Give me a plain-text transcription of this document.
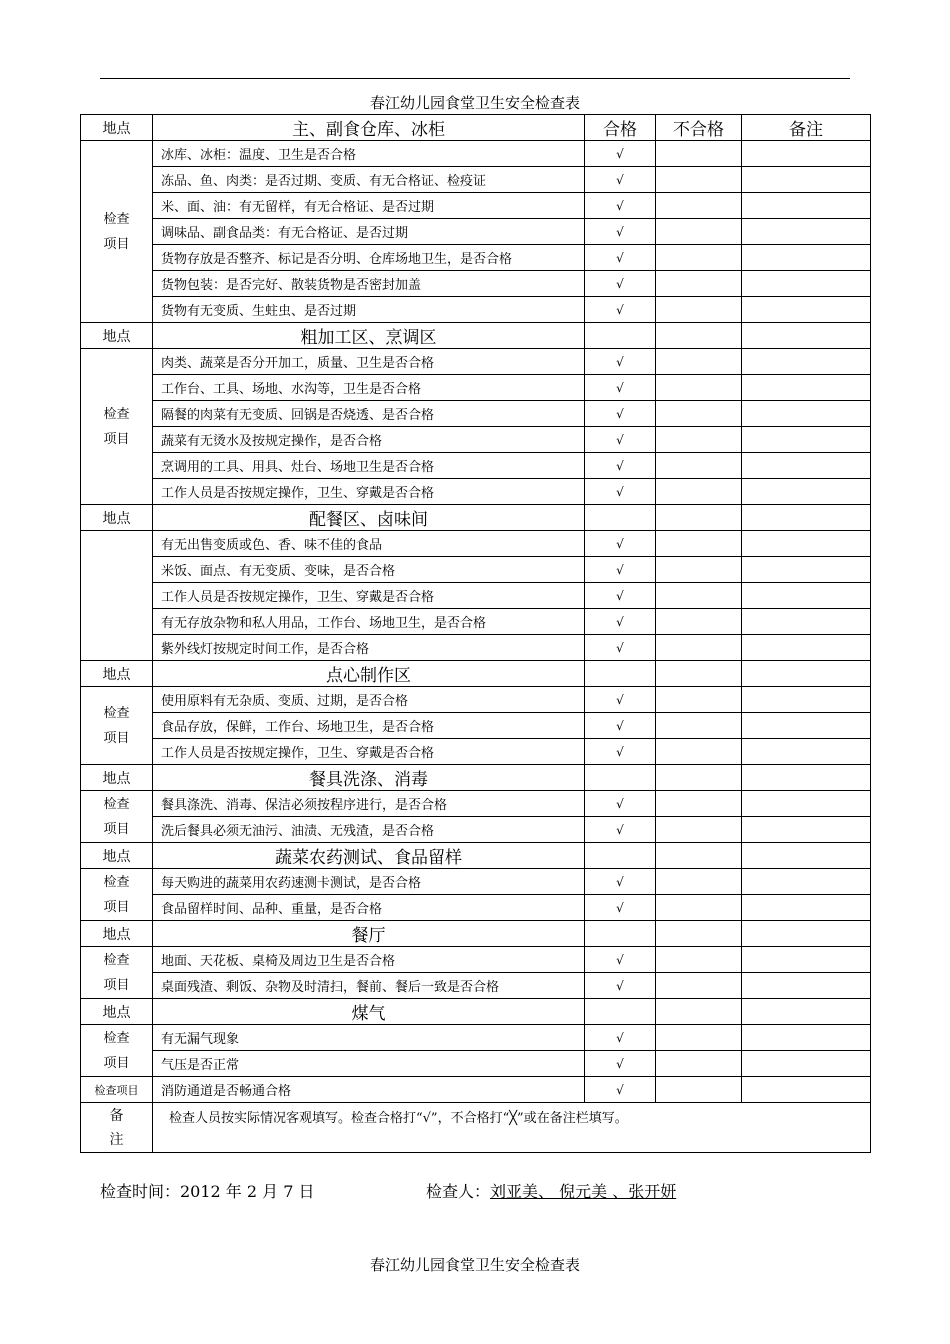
春江幼儿园食堂卫生安全检查表
地点	主、副食仓库、冰柜	合格	不合格	备注

检查
项目	冰库、冰柜：温度、卫生是否合格	√		
	冻品、鱼、肉类：是否过期、变质、有无合格证、检疫证	√		
	米、面、油：有无留样，有无合格证、是否过期	√		
	调味品、副食品类：有无合格证、是否过期	√		
	货物存放是否整齐、标记是否分明、仓库场地卫生，是否合格	√		
	货物包装：是否完好、散装货物是否密封加盖	√		
	货物有无变质、生蛀虫、是否过期	√		
地点	粗加工区、烹调区			

检查
项目	肉类、蔬菜是否分开加工，质量、卫生是否合格	√		
	工作台、工具、场地、水沟等，卫生是否合格	√		
	隔餐的肉菜有无变质、回锅是否烧透、是否合格	√		
	蔬菜有无烫水及按规定操作，是否合格	√		
	烹调用的工具、用具、灶台、场地卫生是否合格	√		
	工作人员是否按规定操作，卫生、穿戴是否合格	√		
地点	配餐区、卤味间			
	有无出售变质或色、香、味不佳的食品	√		
	米饭、面点、有无变质、变味，是否合格	√		
	工作人员是否按规定操作，卫生、穿戴是否合格	√		
	有无存放杂物和私人用品，工作台、场地卫生，是否合格	√		
	紫外线灯按规定时间工作，是否合格	√		
地点	点心制作区			

检查
项目	使用原料有无杂质、变质、过期，是否合格	√		
	食品存放，保鲜，工作台、场地卫生，是否合格	√		
	工作人员是否按规定操作，卫生、穿戴是否合格	√		
地点	餐具洗涤、消毒			

检查
项目	餐具涤洗、消毒、保洁必须按程序进行，是否合格	√		
	洗后餐具必须无油污、油渍、无残渣，是否合格	√		
地点	蔬菜农药测试、食品留样			

检查
项目	每天购进的蔬菜用农药速测卡测试，是否合格	√		
	食品留样时间、品种、重量，是否合格	√		
地点	餐厅			

检查
项目	地面、天花板、桌椅及周边卫生是否合格	√		
	桌面残渣、剩饭、杂物及时清扫，餐前、餐后一致是否合格	√		
地点	煤气			

检查
项目	有无漏气现象	√		
	气压是否正常	√		
检查项目	消防通道是否畅通合格	√		

备
注	检查人员按实际情况客观填写。检查合格打“√”，不合格打“╳”或在备注栏填写。			
检查时间：2012 年 2 月 7 日	检查人：刘亚美、 倪元美 、张开妍
春江幼儿园食堂卫生安全检查表
